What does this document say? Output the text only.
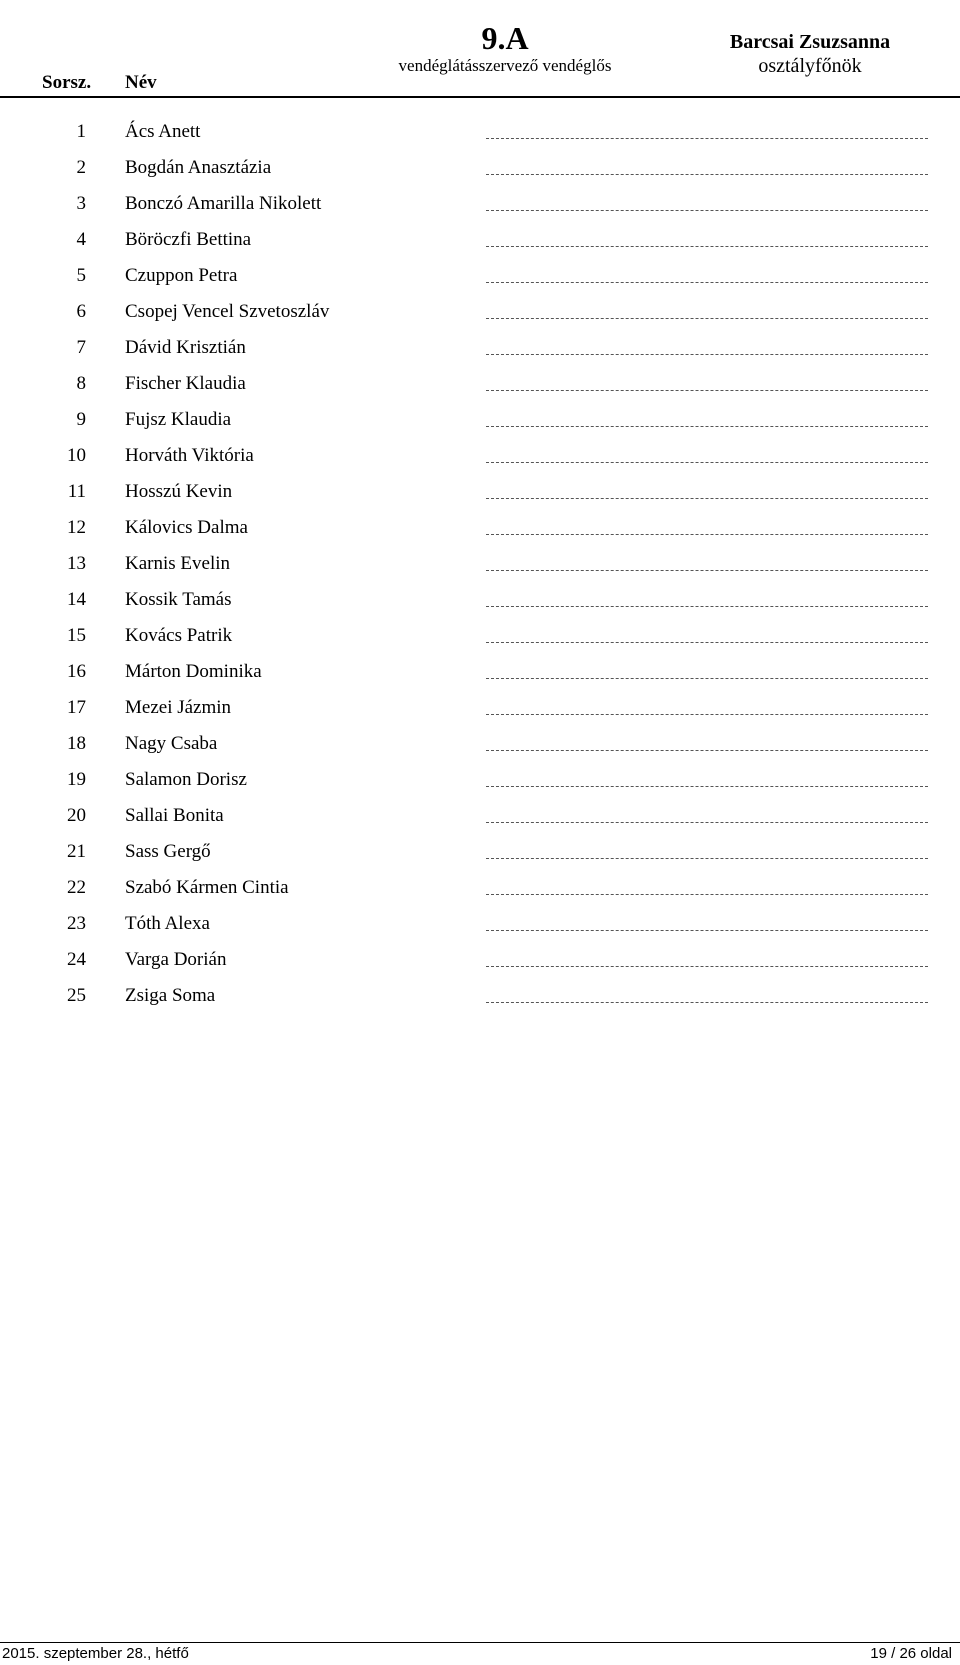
Sorsz. Név
9.A
vendéglátásszervező vendéglős
Barcsai Zsuzsanna
osztályfőnök
1 Ács Anett
2 Bogdán Anasztázia
3 Bonczó Amarilla Nikolett
4 Böröczfi Bettina
5 Czuppon Petra
6 Csopej Vencel Szvetoszláv
7 Dávid Krisztián
8 Fischer Klaudia
9 Fujsz Klaudia
10 Horváth Viktória
11 Hosszú Kevin
12 Kálovics Dalma
13 Karnis Evelin
14 Kossik Tamás
15 Kovács Patrik
16 Márton Dominika
17 Mezei Jázmin
18 Nagy Csaba
19 Salamon Dorisz
20 Sallai Bonita
21 Sass Gergő
22 Szabó Kármen Cintia
23 Tóth Alexa
24 Varga Dorián
25 Zsiga Soma
2015. szeptember 28., hétfő	19 / 26 oldal
